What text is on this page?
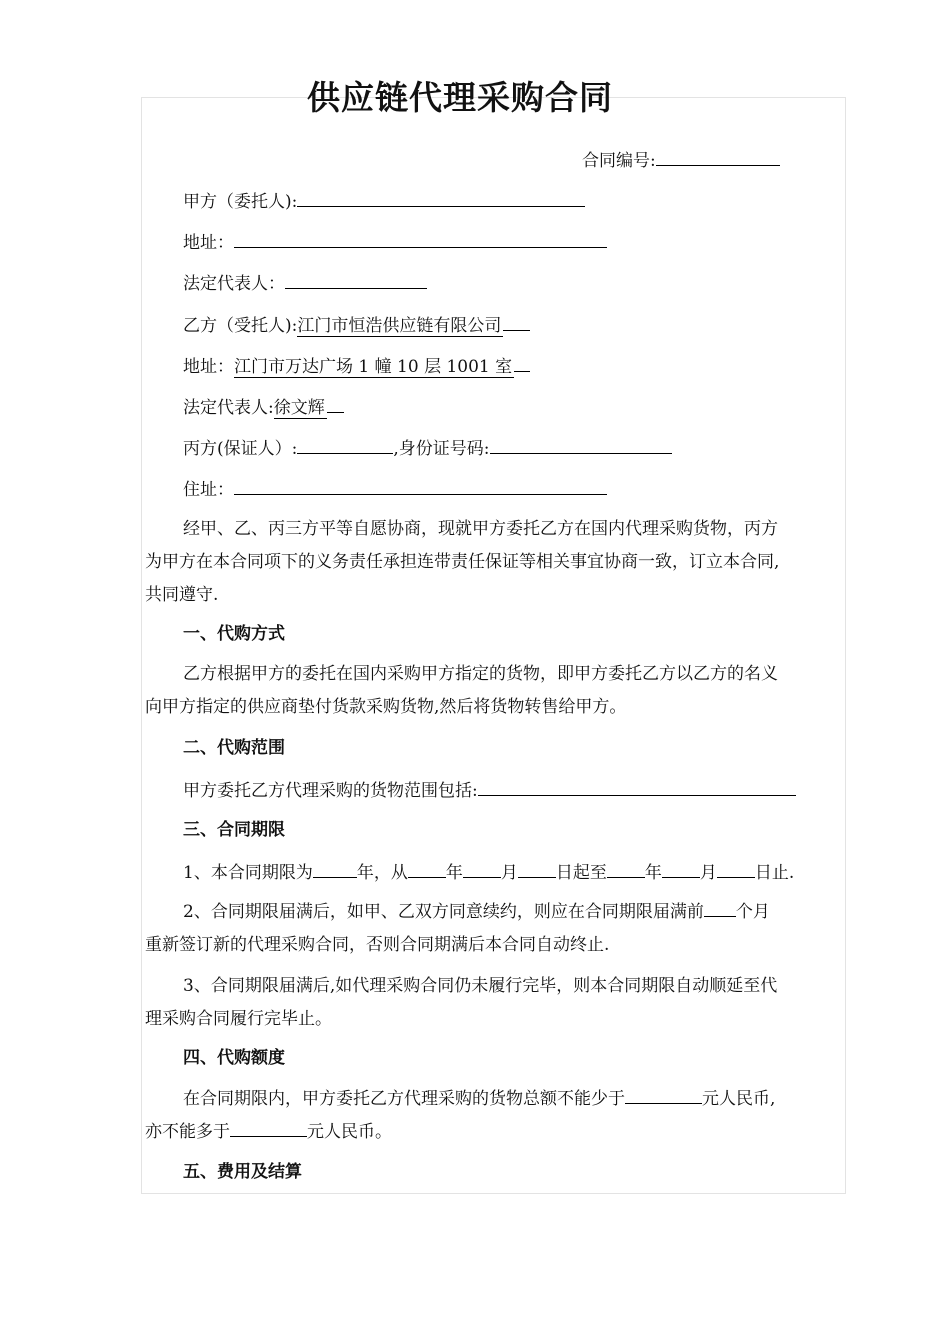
供应链代理采购合同
合同编号:
甲方（委托人):
地址：
法定代表人：
乙方（受托人):江门市恒浩供应链有限公司
地址：江门市万达广场 1 幢 10 层 1001 室
法定代表人:徐文辉
丙方(保证人）:	,身份证号码:
住址：
经甲、乙、丙三方平等自愿协商，现就甲方委托乙方在国内代理采购货物，丙方
为甲方在本合同项下的义务责任承担连带责任保证等相关事宜协商一致，订立本合同,
共同遵守.
一、代购方式
乙方根据甲方的委托在国内采购甲方指定的货物，即甲方委托乙方以乙方的名义
向甲方指定的供应商垫付货款采购货物,然后将货物转售给甲方。
二、代购范围
甲方委托乙方代理采购的货物范围包括:
三、合同期限
1、本合同期限为	年，从 年 月 日起至 年 月 日止.
2、合同期限届满后，如甲、乙双方同意续约，则应在合同期限届满前 个月
重新签订新的代理采购合同，否则合同期满后本合同自动终止.
3、合同期限届满后,如代理采购合同仍未履行完毕，则本合同期限自动顺延至代
理采购合同履行完毕止。
四、代购额度
在合同期限内，甲方委托乙方代理采购的货物总额不能少于	元人民币,
亦不能多于	元人民币。
五、费用及结算
